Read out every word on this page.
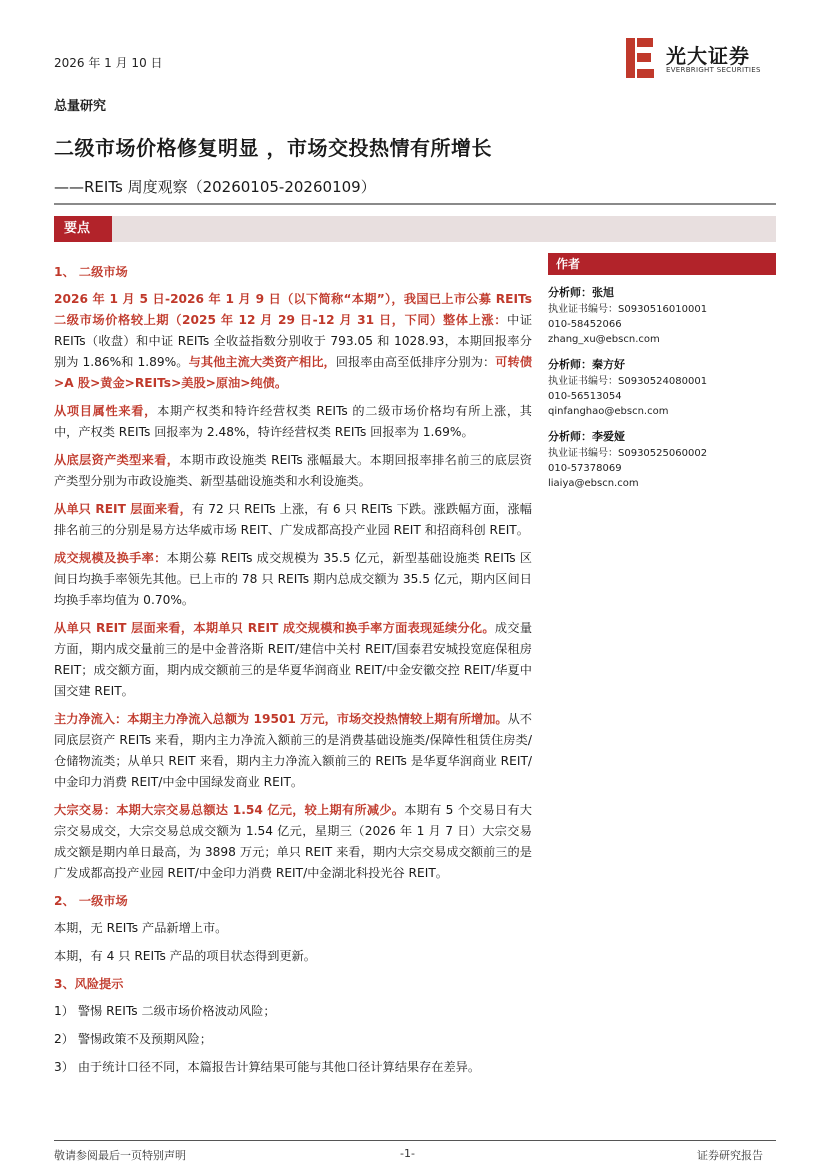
2026 年 1 月 10 日	光大证券
EVERBRIGHT SECURITIES
总量研究
二级市场价格修复明显 ，市场交投热情有所增长
——REITs 周度观察（20260105-20260109）
要点

1、 二级市场

2026 年 1 月 5 日-2026 年 1 月 9 日（以下简称“本期”），我国已上市公募 REITs 二级市场价格较上期（2025 年 12 月 29 日-12 月 31 日，下同）整体上涨：中证 REITs（收盘）和中证 REITs 全收益指数分别收于 793.05 和 1028.93，本期回报率分别为 1.86%和 1.89%。与其他主流大类资产相比，回报率由高至低排序分别为：可转债>A 股>黄金>REITs>美股>原油>纯债。

从项目属性来看，本期产权类和特许经营权类 REITs 的二级市场价格均有所上涨，其中，产权类 REITs 回报率为 2.48%，特许经营权类 REITs 回报率为 1.69%。

从底层资产类型来看，本期市政设施类 REITs 涨幅最大。本期回报率排名前三的底层资产类型分别为市政设施类、新型基础设施类和水利设施类。

从单只 REIT 层面来看，有 72 只 REITs 上涨，有 6 只 REITs 下跌。涨跌幅方面，涨幅排名前三的分别是易方达华威市场 REIT、广发成都高投产业园 REIT 和招商科创 REIT。

成交规模及换手率：本期公募 REITs 成交规模为 35.5 亿元，新型基础设施类 REITs 区间日均换手率领先其他。已上市的 78 只 REITs 期内总成交额为 35.5 亿元，期内区间日均换手率均值为 0.70%。

从单只 REIT 层面来看，本期单只 REIT 成交规模和换手率方面表现延续分化。成交量方面，期内成交量前三的是中金普洛斯 REIT/建信中关村 REIT/国泰君安城投宽庭保租房 REIT；成交额方面，期内成交额前三的是华夏华润商业 REIT/中金安徽交控 REIT/华夏中国交建 REIT。

主力净流入：本期主力净流入总额为 19501 万元，市场交投热情较上期有所增加。从不同底层资产 REITs 来看，期内主力净流入额前三的是消费基础设施类/保障性租赁住房类/仓储物流类；从单只 REIT 来看，期内主力净流入额前三的 REITs 是华夏华润商业 REIT/中金印力消费 REIT/中金中国绿发商业 REIT。

大宗交易：本期大宗交易总额达 1.54 亿元，较上期有所减少。本期有 5 个交易日有大宗交易成交，大宗交易总成交额为 1.54 亿元，星期三（2026 年 1 月 7 日）大宗交易成交额是期内单日最高，为 3898 万元；单只 REIT 来看，期内大宗交易成交额前三的是广发成都高投产业园 REIT/中金印力消费 REIT/中金湖北科投光谷 REIT。

2、 一级市场

本期，无 REITs 产品新增上市。

本期，有 4 只 REITs 产品的项目状态得到更新。

3、风险提示

1） 警惕 REITs 二级市场价格波动风险；

2） 警惕政策不及预期风险；

3） 由于统计口径不同，本篇报告计算结果可能与其他口径计算结果存在差异。

作者
分析师：张旭
执业证书编号：S0930516010001
010-58452066
zhang_xu@ebscn.com
分析师：秦方好
执业证书编号：S0930524080001
010-56513054
qinfanghao@ebscn.com
分析师：李爱娅
执业证书编号：S0930525060002
010-57378069
liaiya@ebscn.com
敬请参阅最后一页特别声明	-1-	证券研究报告
